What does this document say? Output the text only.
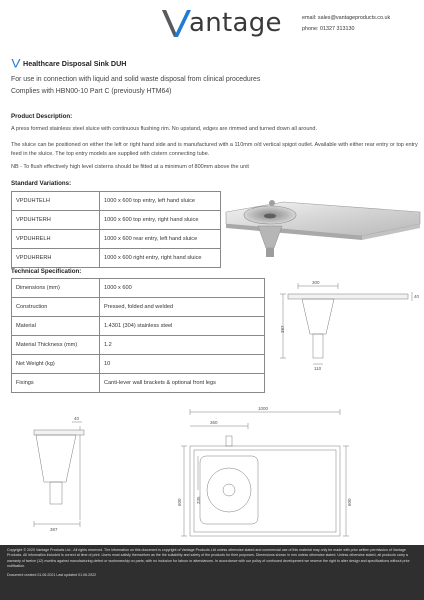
antage	email: sales@vantageproducts.co.uk
phone: 01327 313130
Healthcare Disposal Sink DUH
For use in connection with liquid and solid waste disposal from clinical procedures
Complies with HBN00-10 Part C (previously HTM64)
Product Description:
A press formed stainless steel sluice with continuous flushing rim. No upstand, edges are rimmed and turned down all around.
The sluice can be positioned on either the left or right hand side and is manufactured with a 110mm o/d vertical spigot outlet. Available with either rear entry or top entry feed in the sluice. The top entry models are supplied with cistern connecting tube.
NB - To flush effectively high level cisterns should be fitted at a minimum of 800mm above the unit
Standard Variations:
VPDUHTELH	1000 x 600 top entry, left hand sluice
VPDUHTERH	1000 x 600 top entry, right hand sluice
VPDUHRELH	1000 x 600 rear entry, left hand sluice
VPDUHRERH	1000 x 600 right entry, right hand sluice
Technical Specification:
Dimensions (mm)	1000 x 600
Construction	Pressed, folded and welded
Material	1.4301 (304) stainless steel
Material Thickness (mm)	1.2
Net Weight (kg)	10
Fixings	Canti-lever wall brackets & optional front legs
300
40
387
110
40
387
1000
360
335
600	600
Copyright © 2020 Vantage Products Ltd - All rights reserved. The information on this document is copyright of Vantage Products Ltd unless otherwise stated and commercial use of this material may only be made with prior written permission of Vantage Products. All information included is correct at time of print. Users must satisfy themselves as the the suitability and safety of the products for their purposes. Dimensions shown in mm unless otherwise stated. Unless otherwise stated, all products carry a warranty of twelve (12) months against manufacturing defect or workmanship on parts, with no inclusion for labour or attendances. In accordance with our policy of continued development we reserve the right to alter design and specifications without prior notification.
Document created 01.06.2021 Last updated 01.06.2022
